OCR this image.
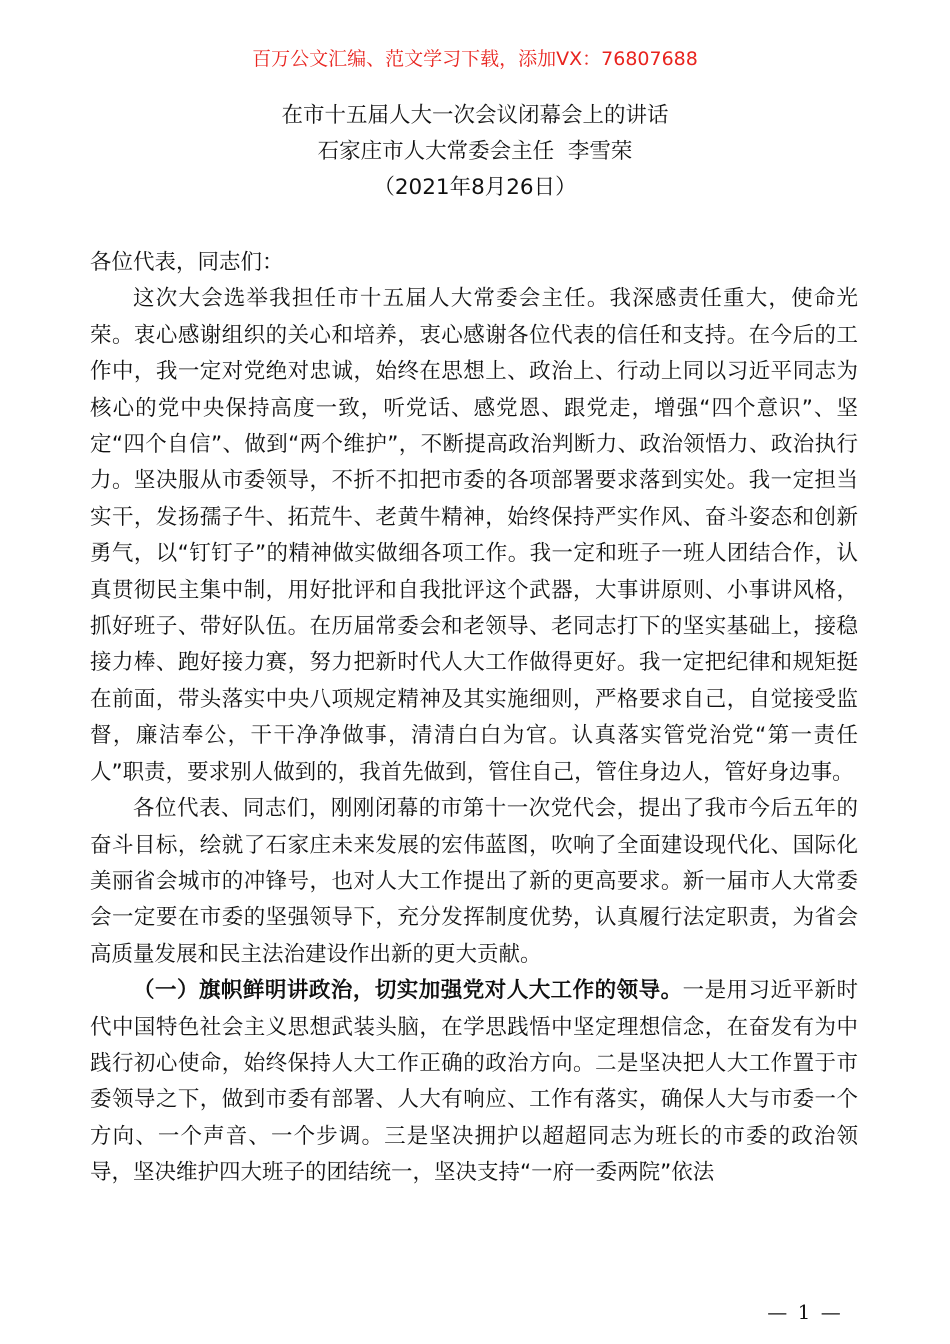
百万公文汇编、范文学习下载，添加VX：76807688
在市十五届人大一次会议闭幕会上的讲话
石家庄市人大常委会主任  李雪荣
（2021年8月26日）

各位代表，同志们：

这次大会选举我担任市十五届人大常委会主任。我深感责任重大，使命光荣。衷心感谢组织的关心和培养，衷心感谢各位代表的信任和支持。在今后的工作中，我一定对党绝对忠诚，始终在思想上、政治上、行动上同以习近平同志为核心的党中央保持高度一致，听党话、感党恩、跟党走，增强“四个意识”、坚定“四个自信”、做到“两个维护”，不断提高政治判断力、政治领悟力、政治执行力。坚决服从市委领导，不折不扣把市委的各项部署要求落到实处。我一定担当实干，发扬孺子牛、拓荒牛、老黄牛精神，始终保持严实作风、奋斗姿态和创新勇气，以“钉钉子”的精神做实做细各项工作。我一定和班子一班人团结合作，认真贯彻民主集中制，用好批评和自我批评这个武器，大事讲原则、小事讲风格，抓好班子、带好队伍。在历届常委会和老领导、老同志打下的坚实基础上，接稳接力棒、跑好接力赛，努力把新时代人大工作做得更好。我一定把纪律和规矩挺在前面，带头落实中央八项规定精神及其实施细则，严格要求自己，自觉接受监督，廉洁奉公，干干净净做事，清清白白为官。认真落实管党治党“第一责任人”职责，要求别人做到的，我首先做到，管住自己，管住身边人，管好身边事。

各位代表、同志们，刚刚闭幕的市第十一次党代会，提出了我市今后五年的奋斗目标，绘就了石家庄未来发展的宏伟蓝图，吹响了全面建设现代化、国际化美丽省会城市的冲锋号，也对人大工作提出了新的更高要求。新一届市人大常委会一定要在市委的坚强领导下，充分发挥制度优势，认真履行法定职责，为省会高质量发展和民主法治建设作出新的更大贡献。

（一）旗帜鲜明讲政治，切实加强党对人大工作的领导。一是用习近平新时代中国特色社会主义思想武装头脑，在学思践悟中坚定理想信念，在奋发有为中践行初心使命，始终保持人大工作正确的政治方向。二是坚决把人大工作置于市委领导之下，做到市委有部署、人大有响应、工作有落实，确保人大与市委一个方向、一个声音、一个步调。三是坚决拥护以超超同志为班长的市委的政治领导，坚决维护四大班子的团结统一，坚决支持“一府一委两院”依法

— 1 —
